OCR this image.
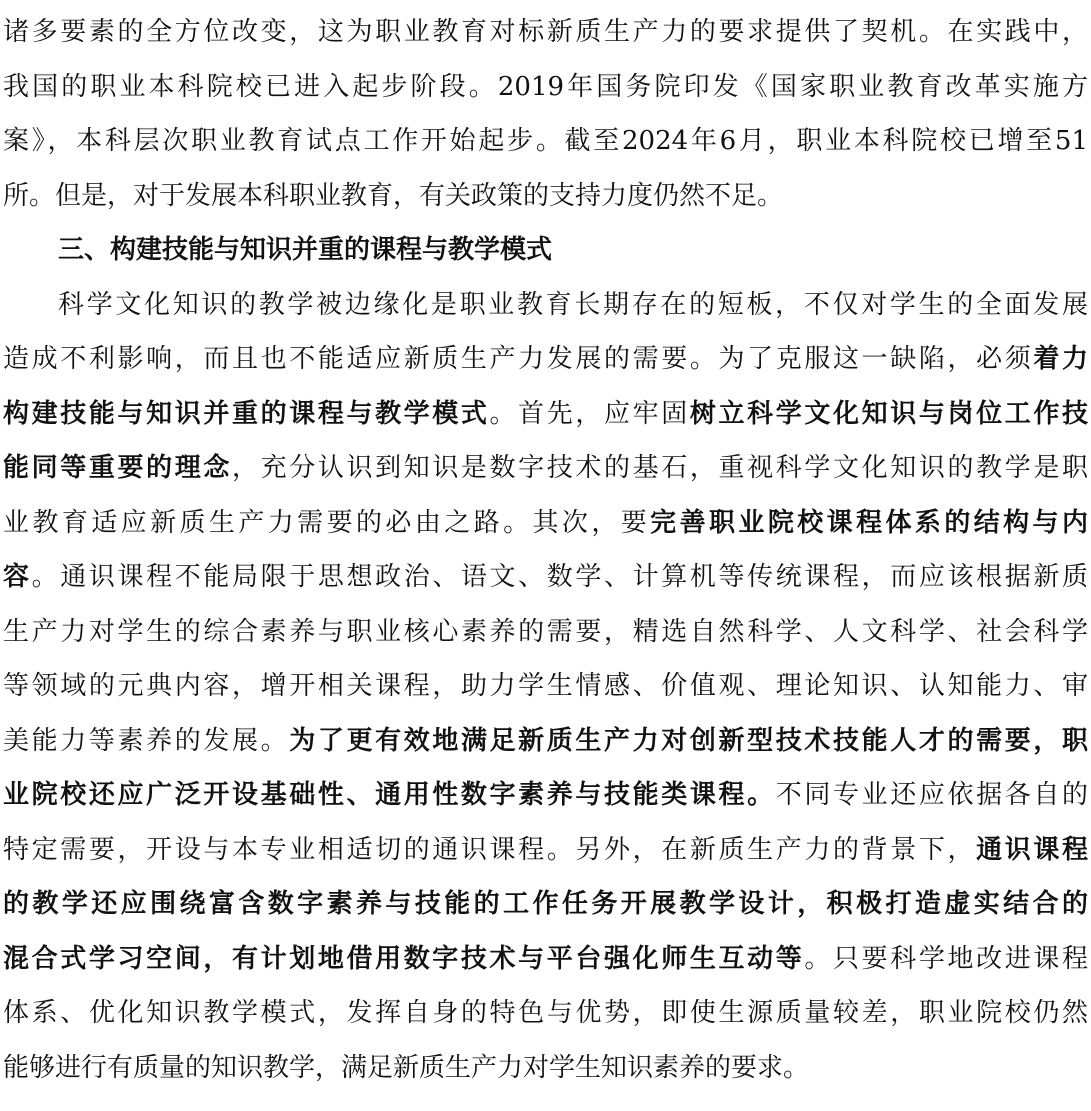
诸多要素的全方位改变，这为职业教育对标新质生产力的要求提供了契机。在实践中，
我国的职业本科院校已进入起步阶段。2019年国务院印发《国家职业教育改革实施方
案》，本科层次职业教育试点工作开始起步。截至2024年6月，职业本科院校已增至51
所。但是，对于发展本科职业教育，有关政策的支持力度仍然不足。
三、构建技能与知识并重的课程与教学模式
科学文化知识的教学被边缘化是职业教育长期存在的短板，不仅对学生的全面发展
造成不利影响，而且也不能适应新质生产力发展的需要。为了克服这一缺陷，必须着力
构建技能与知识并重的课程与教学模式。首先，应牢固树立科学文化知识与岗位工作技
能同等重要的理念，充分认识到知识是数字技术的基石，重视科学文化知识的教学是职
业教育适应新质生产力需要的必由之路。其次，要完善职业院校课程体系的结构与内
容。通识课程不能局限于思想政治、语文、数学、计算机等传统课程，而应该根据新质
生产力对学生的综合素养与职业核心素养的需要，精选自然科学、人文科学、社会科学
等领域的元典内容，增开相关课程，助力学生情感、价值观、理论知识、认知能力、审
美能力等素养的发展。为了更有效地满足新质生产力对创新型技术技能人才的需要，职
业院校还应广泛开设基础性、通用性数字素养与技能类课程。不同专业还应依据各自的
特定需要，开设与本专业相适切的通识课程。另外，在新质生产力的背景下，通识课程
的教学还应围绕富含数字素养与技能的工作任务开展教学设计，积极打造虚实结合的
混合式学习空间，有计划地借用数字技术与平台强化师生互动等。只要科学地改进课程
体系、优化知识教学模式，发挥自身的特色与优势，即使生源质量较差，职业院校仍然
能够进行有质量的知识教学，满足新质生产力对学生知识素养的要求。
